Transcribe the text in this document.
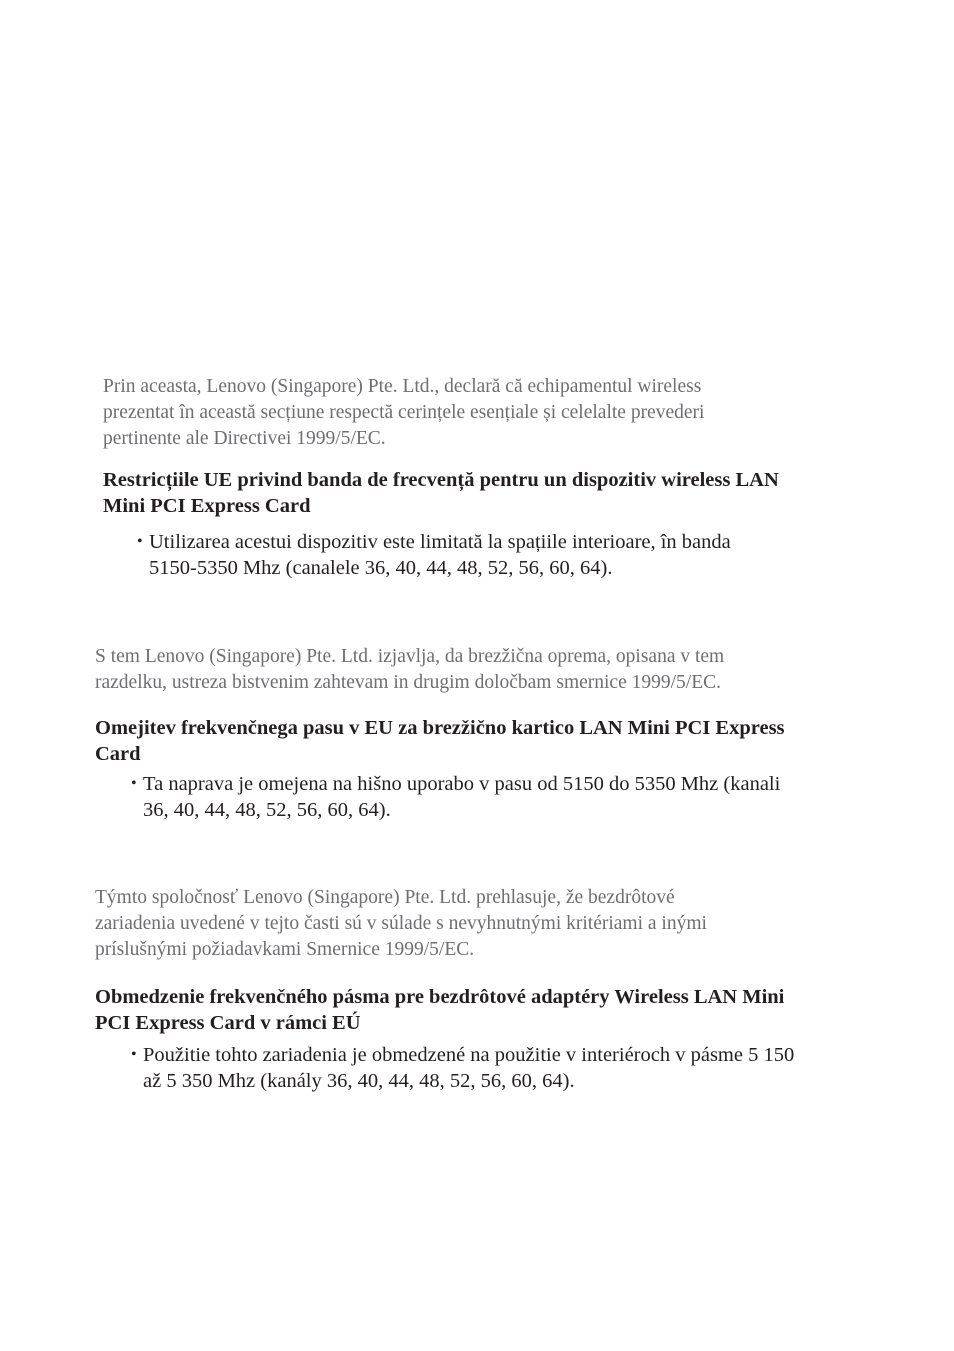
Prin aceasta, Lenovo (Singapore) Pte. Ltd., declară că echipamentul wireless
prezentat în această secțiune respectă cerințele esențiale și celelalte prevederi
pertinente ale Directivei 1999/5/EC.

Restricțiile UE privind banda de frecvență pentru un dispozitiv wireless LAN
Mini PCI Express Card
• Utilizarea acestui dispozitiv este limitată la spațiile interioare, în banda
5150-5350 Mhz (canalele 36, 40, 44, 48, 52, 56, 60, 64).

S tem Lenovo (Singapore) Pte. Ltd. izjavlja, da brezžična oprema, opisana v tem
razdelku, ustreza bistvenim zahtevam in drugim določbam smernice 1999/5/EC.

Omejitev frekvenčnega pasu v EU za brezžično kartico LAN Mini PCI Express
Card
• Ta naprava je omejena na hišno uporabo v pasu od 5150 do 5350 Mhz (kanali
36, 40, 44, 48, 52, 56, 60, 64).

Týmto spoločnosť Lenovo (Singapore) Pte. Ltd. prehlasuje, že bezdrôtové
zariadenia uvedené v tejto časti sú v súlade s nevyhnutnými kritériami a inými
príslušnými požiadavkami Smernice 1999/5/EC.

Obmedzenie frekvenčného pásma pre bezdrôtové adaptéry Wireless LAN Mini
PCI Express Card v rámci EÚ
• Použitie tohto zariadenia je obmedzené na použitie v interiéroch v pásme 5 150
až 5 350 Mhz (kanály 36, 40, 44, 48, 52, 56, 60, 64).
